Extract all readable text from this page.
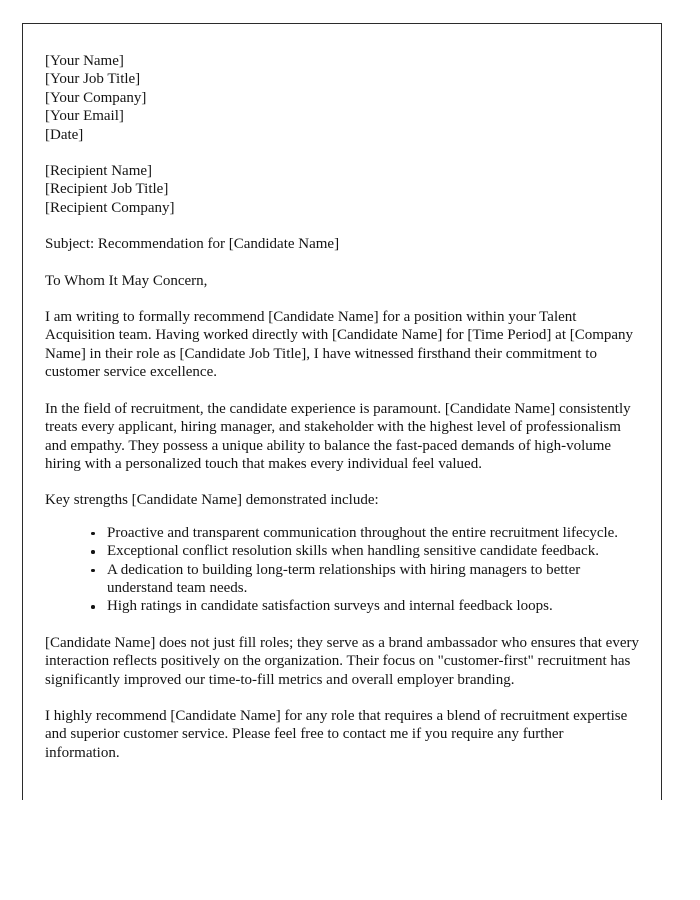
[Your Name]
[Your Job Title]
[Your Company]
[Your Email]
[Date]
[Recipient Name]
[Recipient Job Title]
[Recipient Company]
Subject: Recommendation for [Candidate Name]
To Whom It May Concern,

I am writing to formally recommend [Candidate Name] for a position within your Talent Acquisition team. Having worked directly with [Candidate Name] for [Time Period] at [Company Name] in their role as [Candidate Job Title], I have witnessed firsthand their commitment to customer service excellence.

In the field of recruitment, the candidate experience is paramount. [Candidate Name] consistently treats every applicant, hiring manager, and stakeholder with the highest level of professionalism and empathy. They possess a unique ability to balance the fast-paced demands of high-volume hiring with a personalized touch that makes every individual feel valued.

Key strengths [Candidate Name] demonstrated include:
Proactive and transparent communication throughout the entire recruitment lifecycle.
Exceptional conflict resolution skills when handling sensitive candidate feedback.
A dedication to building long-term relationships with hiring managers to better understand team needs.
High ratings in candidate satisfaction surveys and internal feedback loops.

[Candidate Name] does not just fill roles; they serve as a brand ambassador who ensures that every interaction reflects positively on the organization. Their focus on "customer-first" recruitment has significantly improved our time-to-fill metrics and overall employer branding.

I highly recommend [Candidate Name] for any role that requires a blend of recruitment expertise and superior customer service. Please feel free to contact me if you require any further information.
